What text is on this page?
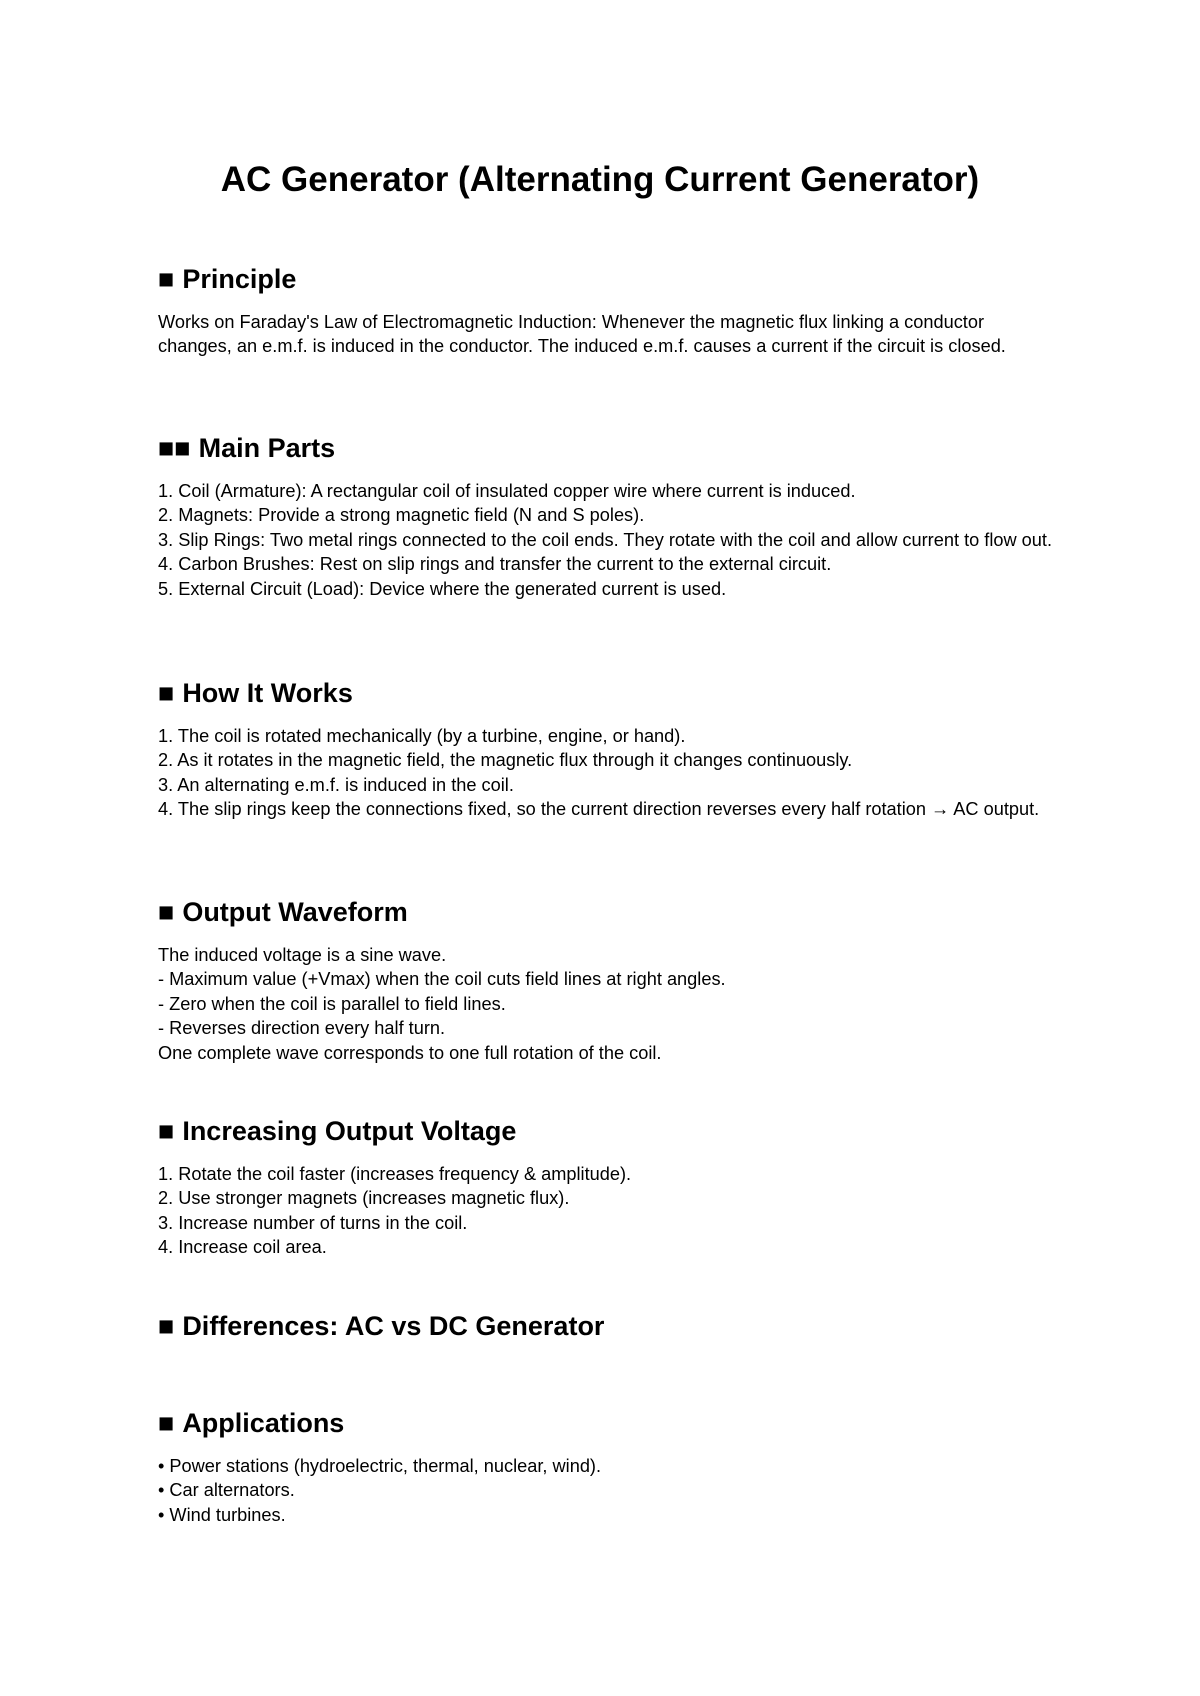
AC Generator (Alternating Current Generator)
■ Principle
Works on Faraday's Law of Electromagnetic Induction: Whenever the magnetic flux linking a conductor changes, an e.m.f. is induced in the conductor. The induced e.m.f. causes a current if the circuit is closed.
■■ Main Parts
1. Coil (Armature): A rectangular coil of insulated copper wire where current is induced.
2. Magnets: Provide a strong magnetic field (N and S poles).
3. Slip Rings: Two metal rings connected to the coil ends. They rotate with the coil and allow current to flow out.
4. Carbon Brushes: Rest on slip rings and transfer the current to the external circuit.
5. External Circuit (Load): Device where the generated current is used.
■ How It Works
1. The coil is rotated mechanically (by a turbine, engine, or hand).
2. As it rotates in the magnetic field, the magnetic flux through it changes continuously.
3. An alternating e.m.f. is induced in the coil.
4. The slip rings keep the connections fixed, so the current direction reverses every half rotation → AC output.
■ Output Waveform
The induced voltage is a sine wave.
- Maximum value (+Vmax) when the coil cuts field lines at right angles.
- Zero when the coil is parallel to field lines.
- Reverses direction every half turn.
One complete wave corresponds to one full rotation of the coil.
■ Increasing Output Voltage
1. Rotate the coil faster (increases frequency & amplitude).
2. Use stronger magnets (increases magnetic flux).
3. Increase number of turns in the coil.
4. Increase coil area.
■ Differences: AC vs DC Generator
■ Applications
• Power stations (hydroelectric, thermal, nuclear, wind).
• Car alternators.
• Wind turbines.
